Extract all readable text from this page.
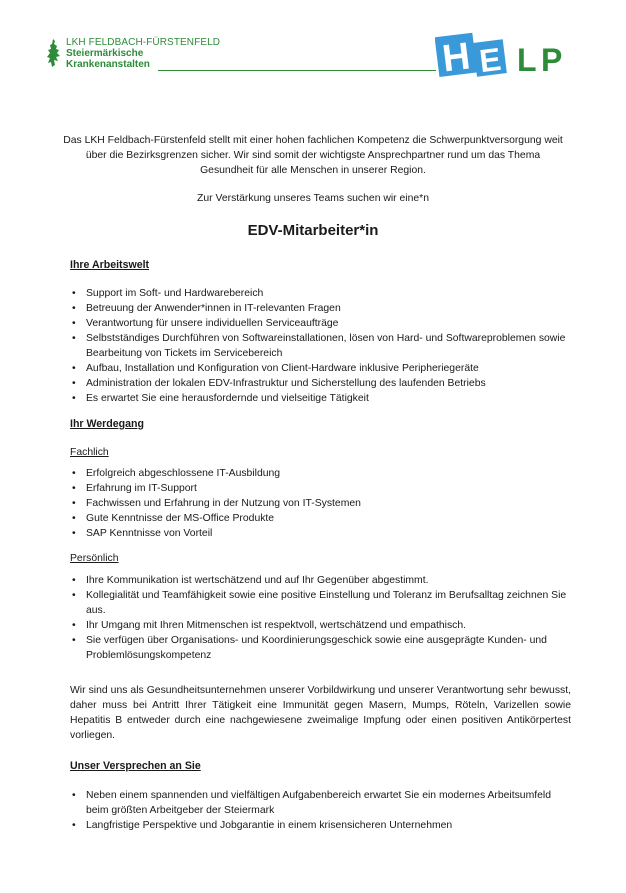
LKH FELDBACH-FÜRSTENFELD
Steiermärkische
Krankenanstalten	H E L P
Das LKH Feldbach-Fürstenfeld stellt mit einer hohen fachlichen Kompetenz die Schwerpunktversorgung weit über die Bezirksgrenzen sicher. Wir sind somit der wichtigste Ansprechpartner rund um das Thema Gesundheit für alle Menschen in unserer Region.
Zur Verstärkung unseres Teams suchen wir eine*n
EDV-Mitarbeiter*in
Ihre Arbeitswelt
• Support im Soft- und Hardwarebereich
• Betreuung der Anwender*innen in IT-relevanten Fragen
• Verantwortung für unsere individuellen Serviceaufträge
• Selbstständiges Durchführen von Softwareinstallationen, lösen von Hard- und Softwareproblemen sowie Bearbeitung von Tickets im Servicebereich
• Aufbau, Installation und Konfiguration von Client-Hardware inklusive Peripheriegeräte
• Administration der lokalen EDV-Infrastruktur und Sicherstellung des laufenden Betriebs
• Es erwartet Sie eine herausfordernde und vielseitige Tätigkeit
Ihr Werdegang
Fachlich
• Erfolgreich abgeschlossene IT-Ausbildung
• Erfahrung im IT-Support
• Fachwissen und Erfahrung in der Nutzung von IT-Systemen
• Gute Kenntnisse der MS-Office Produkte
• SAP Kenntnisse von Vorteil
Persönlich
• Ihre Kommunikation ist wertschätzend und auf Ihr Gegenüber abgestimmt.
• Kollegialität und Teamfähigkeit sowie eine positive Einstellung und Toleranz im Berufsalltag zeichnen Sie aus.
• Ihr Umgang mit Ihren Mitmenschen ist respektvoll, wertschätzend und empathisch.
• Sie verfügen über Organisations- und Koordinierungsgeschick sowie eine ausgeprägte Kunden- und Problemlösungskompetenz
Wir sind uns als Gesundheitsunternehmen unserer Vorbildwirkung und unserer Verantwortung sehr bewusst, daher muss bei Antritt Ihrer Tätigkeit eine Immunität gegen Masern, Mumps, Röteln, Varizellen sowie Hepatitis B entweder durch eine nachgewiesene zweimalige Impfung oder einen positiven Antikörpertest vorliegen.
Unser Versprechen an Sie
• Neben einem spannenden und vielfältigen Aufgabenbereich erwartet Sie ein modernes Arbeitsumfeld beim größten Arbeitgeber der Steiermark
• Langfristige Perspektive und Jobgarantie in einem krisensicheren Unternehmen
